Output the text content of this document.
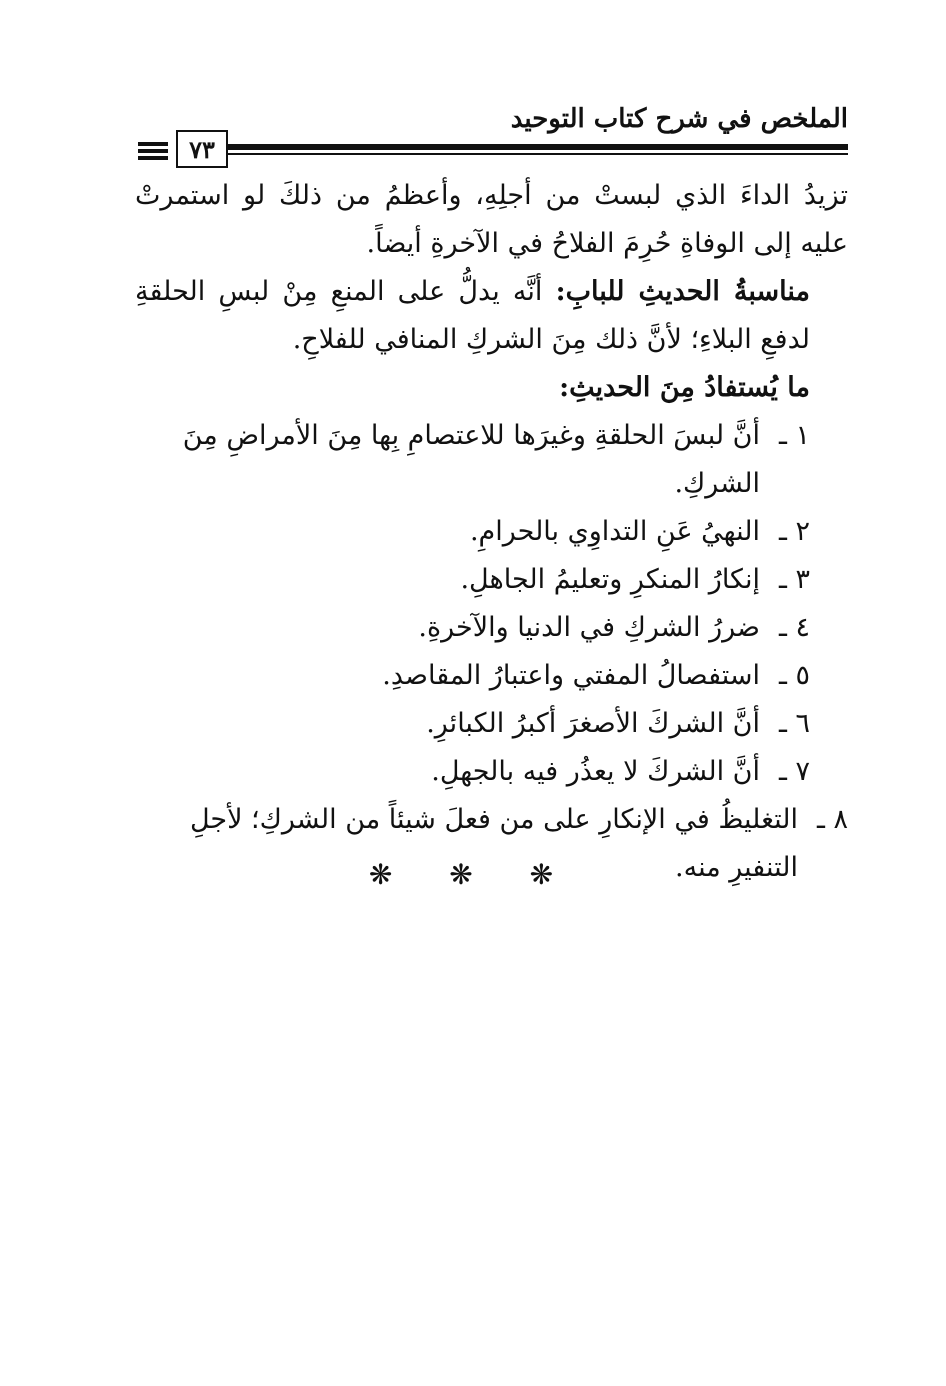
الملخص في شرح كتاب التوحيد
٧٣

تزيدُ الداءَ الذي لبستْ من أجلِهِ، وأعظمُ من ذلكَ لو استمرتْ عليه إلى الوفاةِ حُرِمَ الفلاحُ في الآخرةِ أيضاً.

مناسبةُ الحديثِ للبابِ: أنَّه يدلُّ على المنعِ مِنْ لبسِ الحلقةِ لدفعِ البلاءِ؛ لأنَّ ذلك مِنَ الشركِ المنافي للفلاحِ.

ما يُستفادُ مِنَ الحديثِ:

١ ـ
أنَّ لبسَ الحلقةِ وغيرَها للاعتصامِ بِها مِنَ الأمراضِ مِنَ الشركِ.
٢ ـ
النهيُ عَنِ التداوِي بالحرامِ.
٣ ـ
إنكارُ المنكرِ وتعليمُ الجاهلِ.
٤ ـ
ضررُ الشركِ في الدنيا والآخرةِ.
٥ ـ
استفصالُ المفتي واعتبارُ المقاصدِ.
٦ ـ
أنَّ الشركَ الأصغرَ أكبرُ الكبائرِ.
٧ ـ
أنَّ الشركَ لا يعذُر فيه بالجهلِ.
٨ ـ
التغليظُ في الإنكارِ على من فعلَ شيئاً من الشركِ؛ لأجلِ التنفيرِ منه.
❋ ❋ ❋
